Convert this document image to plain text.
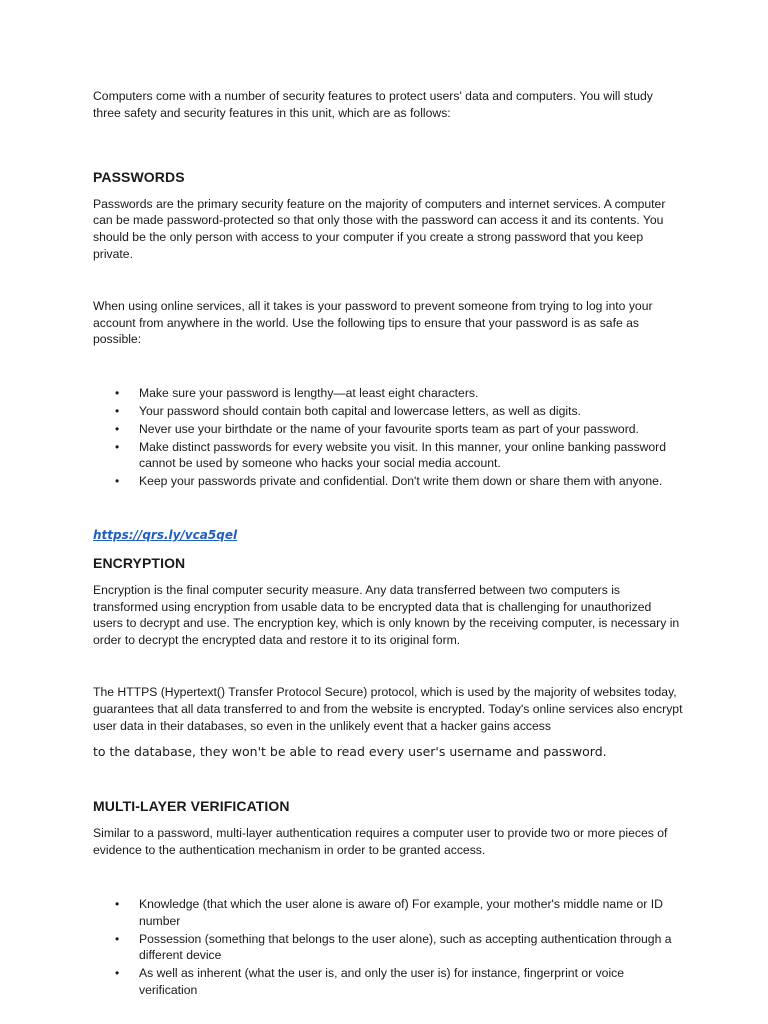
Computers come with a number of security features to protect users' data and computers. You will study three safety and security features in this unit, which are as follows:

PASSWORDS

Passwords are the primary security feature on the majority of computers and internet services. A computer can be made password-protected so that only those with the password can access it and its contents. You should be the only person with access to your computer if you create a strong password that you keep private.

When using online services, all it takes is your password to prevent someone from trying to log into your account from anywhere in the world. Use the following tips to ensure that your password is as safe as possible:

• Make sure your password is lengthy—at least eight characters.
• Your password should contain both capital and lowercase letters, as well as digits.
• Never use your birthdate or the name of your favourite sports team as part of your password.
• Make distinct passwords for every website you visit. In this manner, your online banking password cannot be used by someone who hacks your social media account.
• Keep your passwords private and confidential. Don't write them down or share them with anyone.

https://qrs.ly/vca5qel

ENCRYPTION

Encryption is the final computer security measure. Any data transferred between two computers is transformed using encryption from usable data to be encrypted data that is challenging for unauthorized users to decrypt and use. The encryption key, which is only known by the receiving computer, is necessary in order to decrypt the encrypted data and restore it to its original form.

The HTTPS (Hypertext() Transfer Protocol Secure) protocol, which is used by the majority of websites today, guarantees that all data transferred to and from the website is encrypted. Today's online services also encrypt user data in their databases, so even in the unlikely event that a hacker gains access

to the database, they won't be able to read every user's username and password.

MULTI-LAYER VERIFICATION

Similar to a password, multi-layer authentication requires a computer user to provide two or more pieces of evidence to the authentication mechanism in order to be granted access.

• Knowledge (that which the user alone is aware of) For example, your mother's middle name or ID number
• Possession (something that belongs to the user alone), such as accepting authentication through a different device
• As well as inherent (what the user is, and only the user is) for instance, fingerprint or voice verification
